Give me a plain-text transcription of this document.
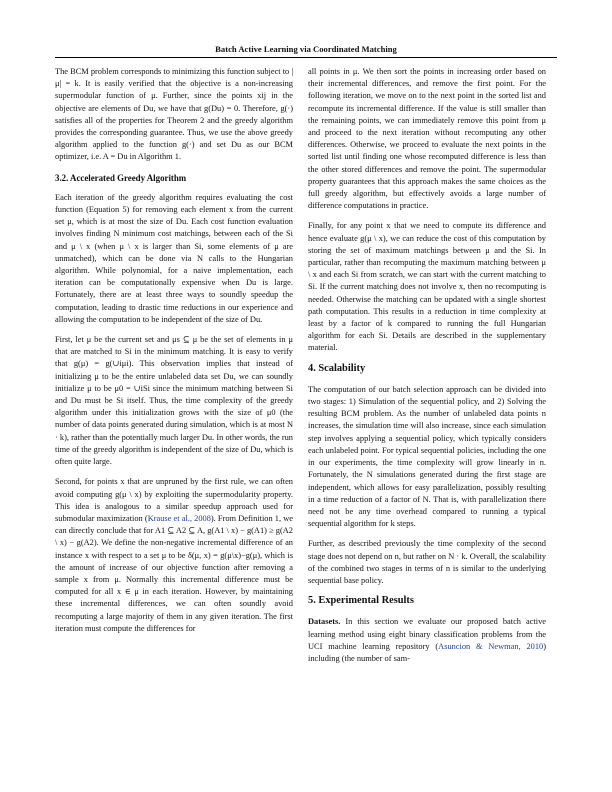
Batch Active Learning via Coordinated Matching

The BCM problem corresponds to minimizing this function subject to |μ| = k. It is easily verified that the objective is a non-increasing supermodular function of μ. Further, since the points xij in the objective are elements of Du, we have that g(Du) = 0. Therefore, g(·) satisfies all of the properties for Theorem 2 and the greedy algorithm provides the corresponding guarantee. Thus, we use the above greedy algorithm applied to the function g(·) and set Du as our BCM optimizer, i.e. A = Du in Algorithm 1.

3.2. Accelerated Greedy Algorithm

Each iteration of the greedy algorithm requires evaluating the cost function (Equation 5) for removing each element x from the current set μ, which is at most the size of Du. Each cost function evaluation involves finding N minimum cost matchings, between each of the Si and μ \ x (when μ \ x is larger than Si, some elements of μ are unmatched), which can be done via N calls to the Hungarian algorithm. While polynomial, for a naive implementation, each iteration can be computationally expensive when Du is large. Fortunately, there are at least three ways to soundly speedup the computation, leading to drastic time reductions in our experience and allowing the computation to be independent of the size of Du.

First, let μ be the current set and μs ⊆ μ be the set of elements in μ that are matched to Si in the minimum matching. It is easy to verify that g(μ) = g(∪iμi). This observation implies that instead of initializing μ to be the entire unlabeled data set Du, we can soundly initialize μ to be μ0 = ∪iSi since the minimum matching between Si and Du must be Si itself. Thus, the time complexity of the greedy algorithm under this initialization grows with the size of μ0 (the number of data points generated during simulation, which is at most N · k), rather than the potentially much larger Du. In other words, the run time of the greedy algorithm is independent of the size of Du, which is often quite large.

Second, for points x that are unpruned by the first rule, we can often avoid computing g(μ \ x) by exploiting the supermodularity property. This idea is analogous to a similar speedup approach used for submodular maximization (Krause et al., 2008). From Definition 1, we can directly conclude that for A1 ⊆ A2 ⊆ A, g(A1 \ x) − g(A1) ≥ g(A2 \ x) − g(A2). We define the non-negative incremental difference of an instance x with respect to a set μ to be δ(μ, x) = g(μ\x)−g(μ), which is the amount of increase of our objective function after removing a sample x from μ. Normally this incremental difference must be computed for all x ∈ μ in each iteration. However, by maintaining these incremental differences, we can often soundly avoid recomputing a large majority of them in any given iteration. The first iteration must compute the differences for

all points in μ. We then sort the points in increasing order based on their incremental differences, and remove the first point. For the following iteration, we move on to the next point in the sorted list and recompute its incremental difference. If the value is still smaller than the remaining points, we can immediately remove this point from μ and proceed to the next iteration without recomputing any other differences. Otherwise, we proceed to evaluate the next points in the sorted list until finding one whose recomputed difference is less than the other stored differences and remove the point. The supermodular property guarantees that this approach makes the same choices as the full greedy algorithm, but effectively avoids a large number of difference computations in practice.

Finally, for any point x that we need to compute its difference and hence evaluate g(μ \ x), we can reduce the cost of this computation by storing the set of maximum matchings between μ and the Si. In particular, rather than recomputing the maximum matching between μ \ x and each Si from scratch, we can start with the current matching to Si. If the current matching does not involve x, then no recomputing is needed. Otherwise the matching can be updated with a single shortest path computation. This results in a reduction in time complexity at least by a factor of k compared to running the full Hungarian algorithm for each Si. Details are described in the supplementary material.

4. Scalability

The computation of our batch selection approach can be divided into two stages: 1) Simulation of the sequential policy, and 2) Solving the resulting BCM problem. As the number of unlabeled data points n increases, the simulation time will also increase, since each simulation step involves applying a sequential policy, which typically considers each unlabeled point. For typical sequential policies, including the one in our experiments, the time complexity will grow linearly in n. Fortunately, the N simulations generated during the first stage are independent, which allows for easy parallelization, possibly resulting in a time reduction of a factor of N. That is, with parallelization there need not be any time overhead compared to running a typical sequential algorithm for k steps.

Further, as described previously the time complexity of the second stage does not depend on n, but rather on N · k. Overall, the scalability of the combined two stages in terms of n is similar to the underlying sequential base policy.

5. Experimental Results

Datasets. In this section we evaluate our proposed batch active learning method using eight binary classification problems from the UCI machine learning repository (Asuncion & Newman, 2010) including (the number of sam-
